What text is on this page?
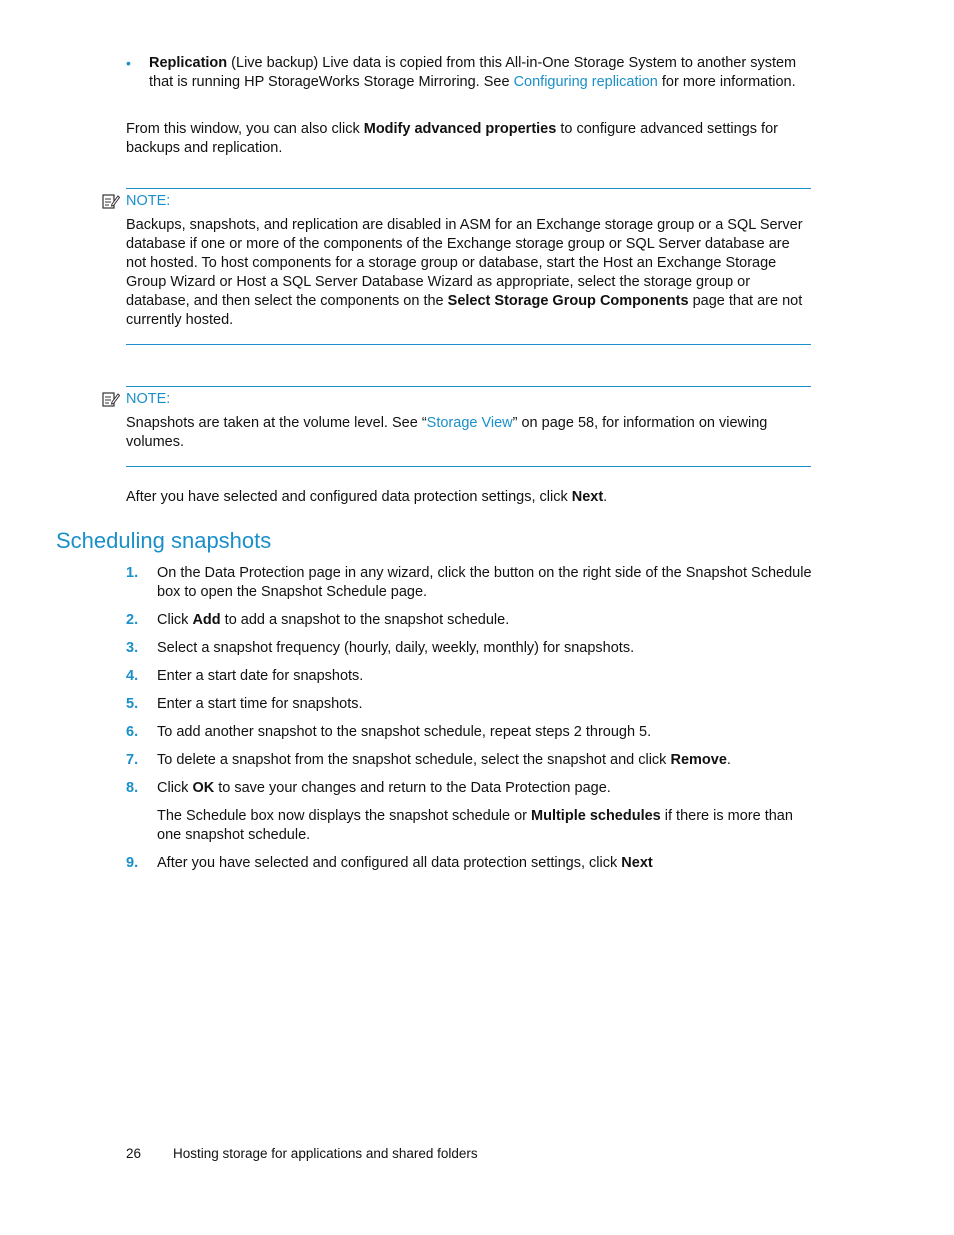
• Replication (Live backup) Live data is copied from this All-in-One Storage System to another system that is running HP StorageWorks Storage Mirroring. See Configuring replication for more information.
From this window, you can also click Modify advanced properties to configure advanced settings for backups and replication.
NOTE:
Backups, snapshots, and replication are disabled in ASM for an Exchange storage group or a SQL Server database if one or more of the components of the Exchange storage group or SQL Server database are not hosted. To host components for a storage group or database, start the Host an Exchange Storage Group Wizard or Host a SQL Server Database Wizard as appropriate, select the storage group or database, and then select the components on the Select Storage Group Components page that are not currently hosted.
NOTE:
Snapshots are taken at the volume level. See “Storage View” on page 58, for information on viewing volumes.
After you have selected and configured data protection settings, click Next.
Scheduling snapshots
1. On the Data Protection page in any wizard, click the button on the right side of the Snapshot Schedule box to open the Snapshot Schedule page.
2. Click Add to add a snapshot to the snapshot schedule.
3. Select a snapshot frequency (hourly, daily, weekly, monthly) for snapshots.
4. Enter a start date for snapshots.
5. Enter a start time for snapshots.
6. To add another snapshot to the snapshot schedule, repeat steps 2 through 5.
7. To delete a snapshot from the snapshot schedule, select the snapshot and click Remove.
8. Click OK to save your changes and return to the Data Protection page.
The Schedule box now displays the snapshot schedule or Multiple schedules if there is more than one snapshot schedule.
9. After you have selected and configured all data protection settings, click Next
26	Hosting storage for applications and shared folders
